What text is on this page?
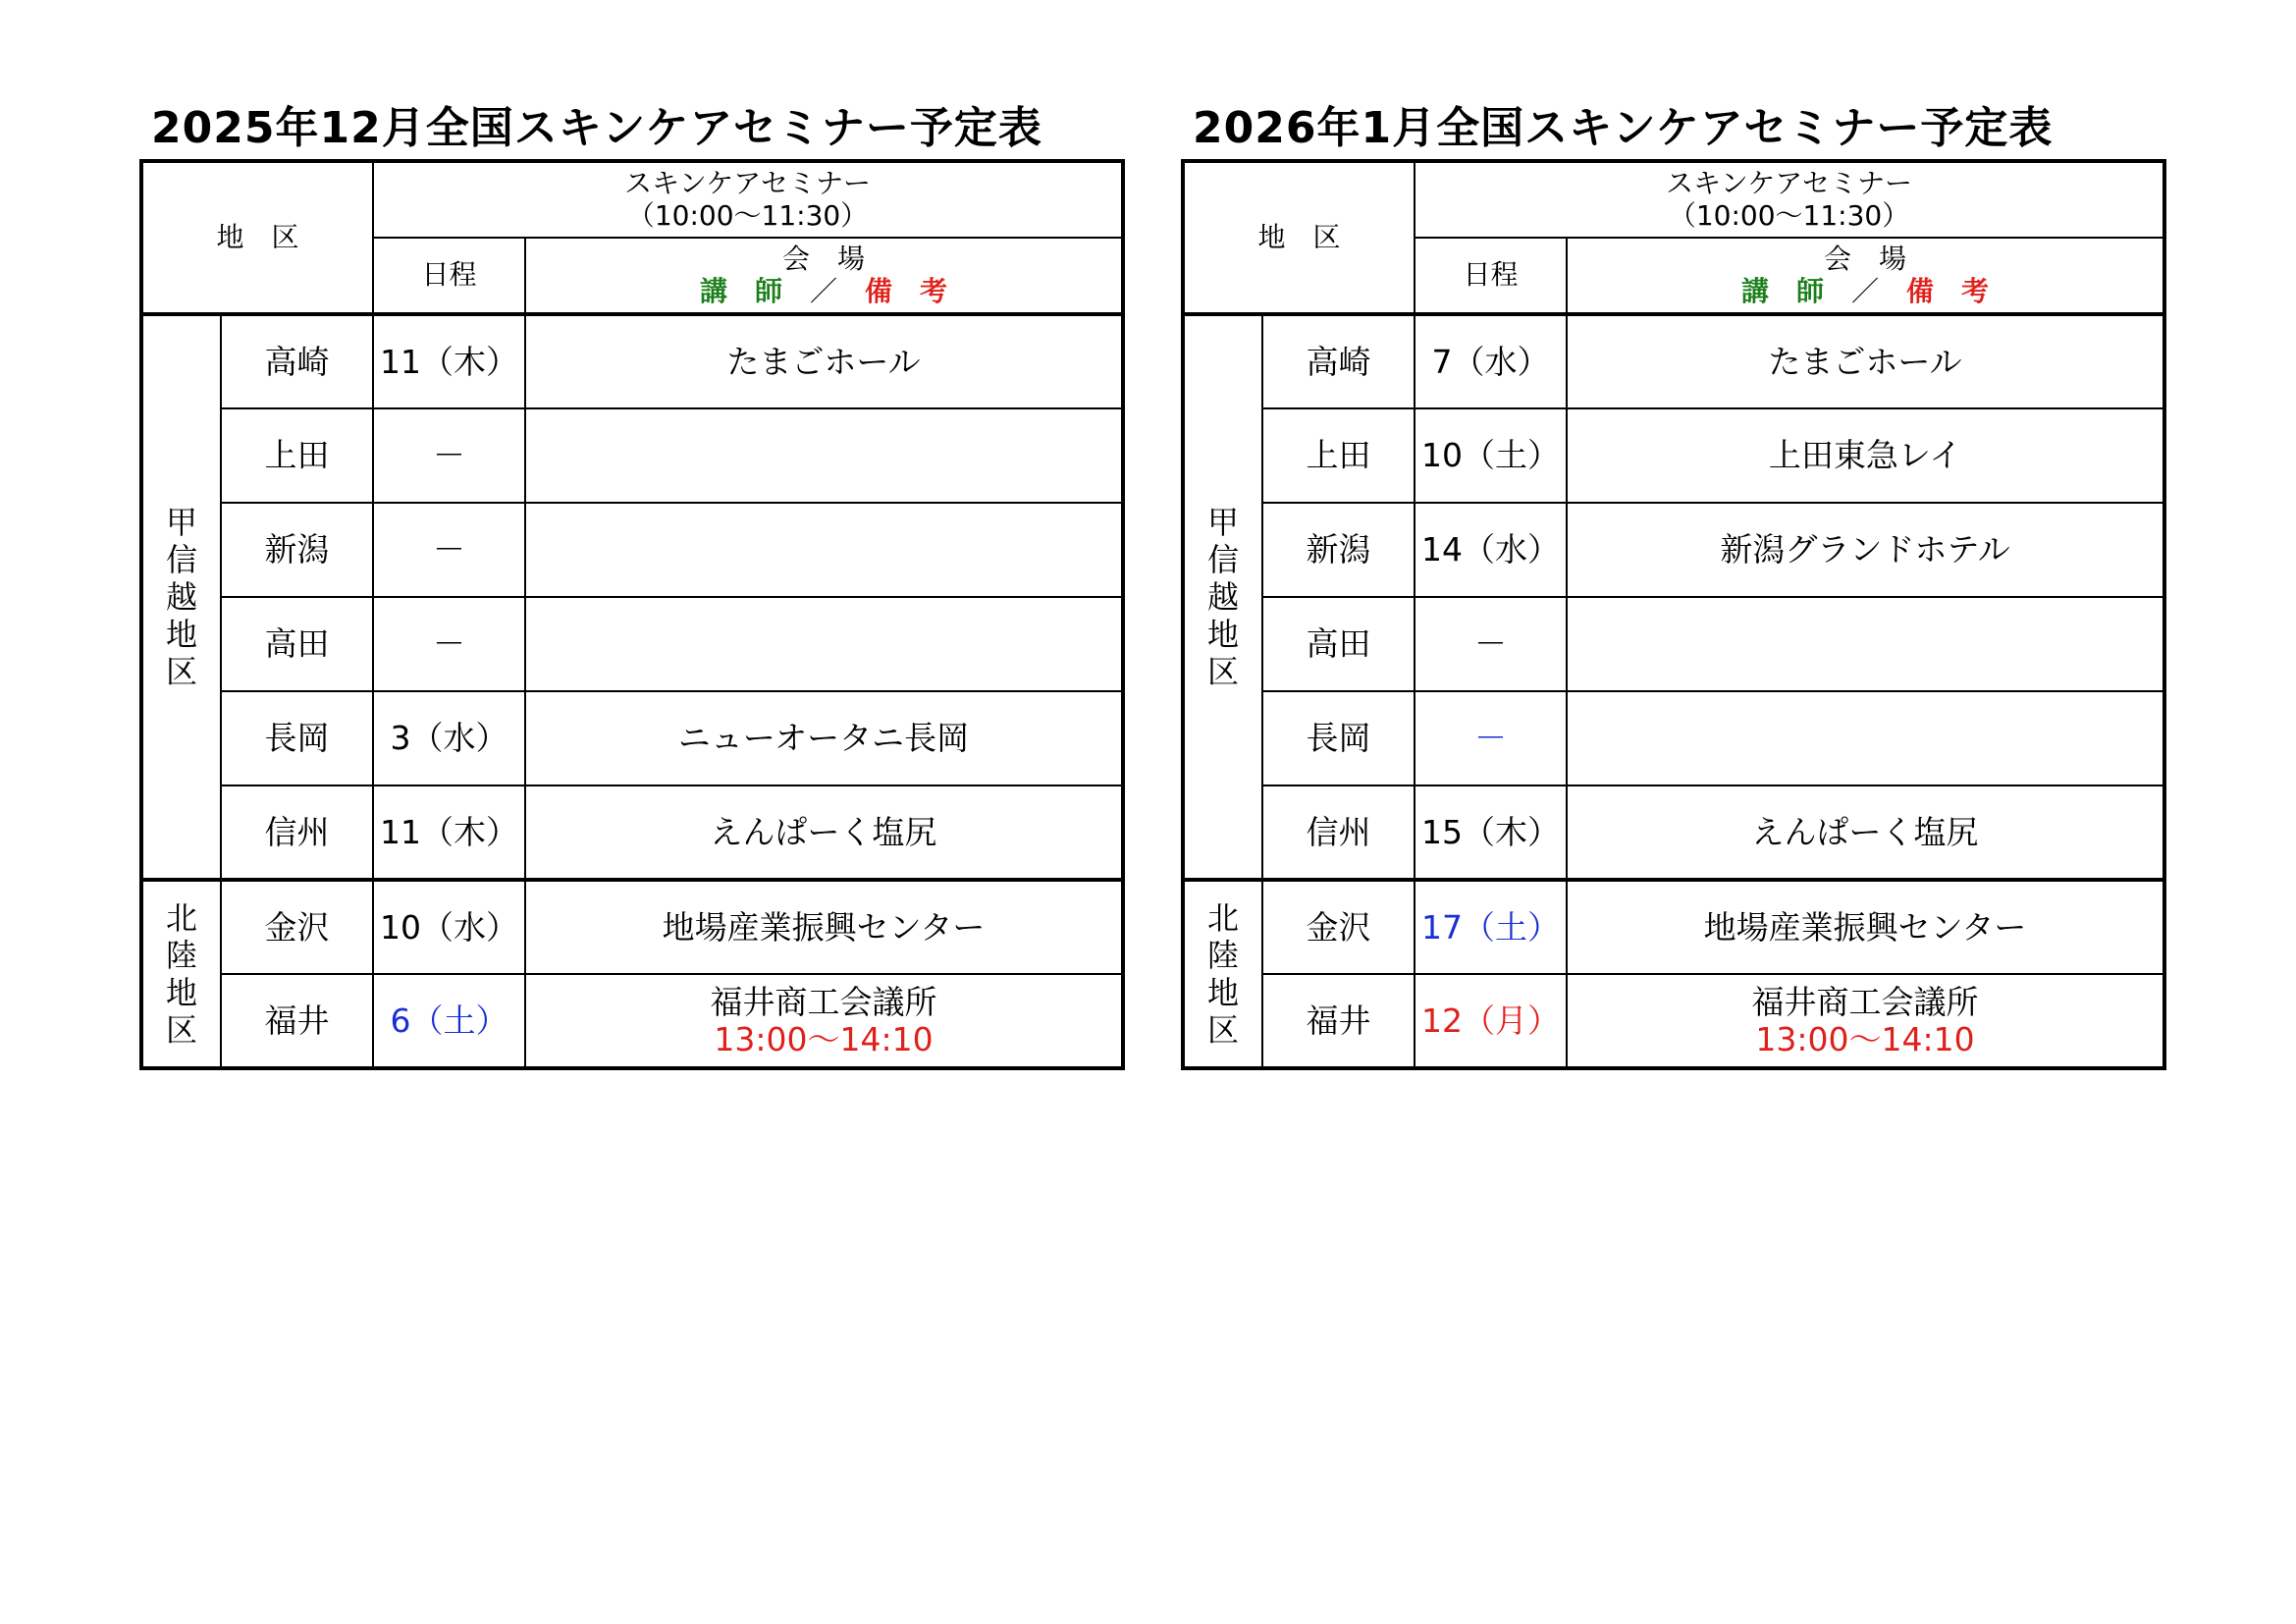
2025年12月全国スキンケアセミナー予定表
地　区		スキンケアセミナー
（10:00～11:30）	

		日程	会　場
講　師　 ／　 備　考

甲
信
越
地
区	高崎	11（木）	たまごホール
	上田	－	
	新潟	－	
	高田	－	
	長岡	3（水）	ニューオータニ長岡
	信州	11（木）	えんぱーく塩尻

北
陸
地
区	金沢	10（水）	地場産業振興センター
	福井	6（土）	福井商工会議所
13:00～14:10
2026年1月全国スキンケアセミナー予定表
地　区		スキンケアセミナー
（10:00～11:30）	

		日程	会　場
講　師　 ／　 備　考

甲
信
越
地
区	高崎	7（水）	たまごホール
	上田	10（土）	上田東急レイ
	新潟	14（水）	新潟グランドホテル
	高田	－	
	長岡	－	
	信州	15（木）	えんぱーく塩尻

北
陸
地
区	金沢	17（土）	地場産業振興センター
	福井	12（月）	福井商工会議所
13:00～14:10
